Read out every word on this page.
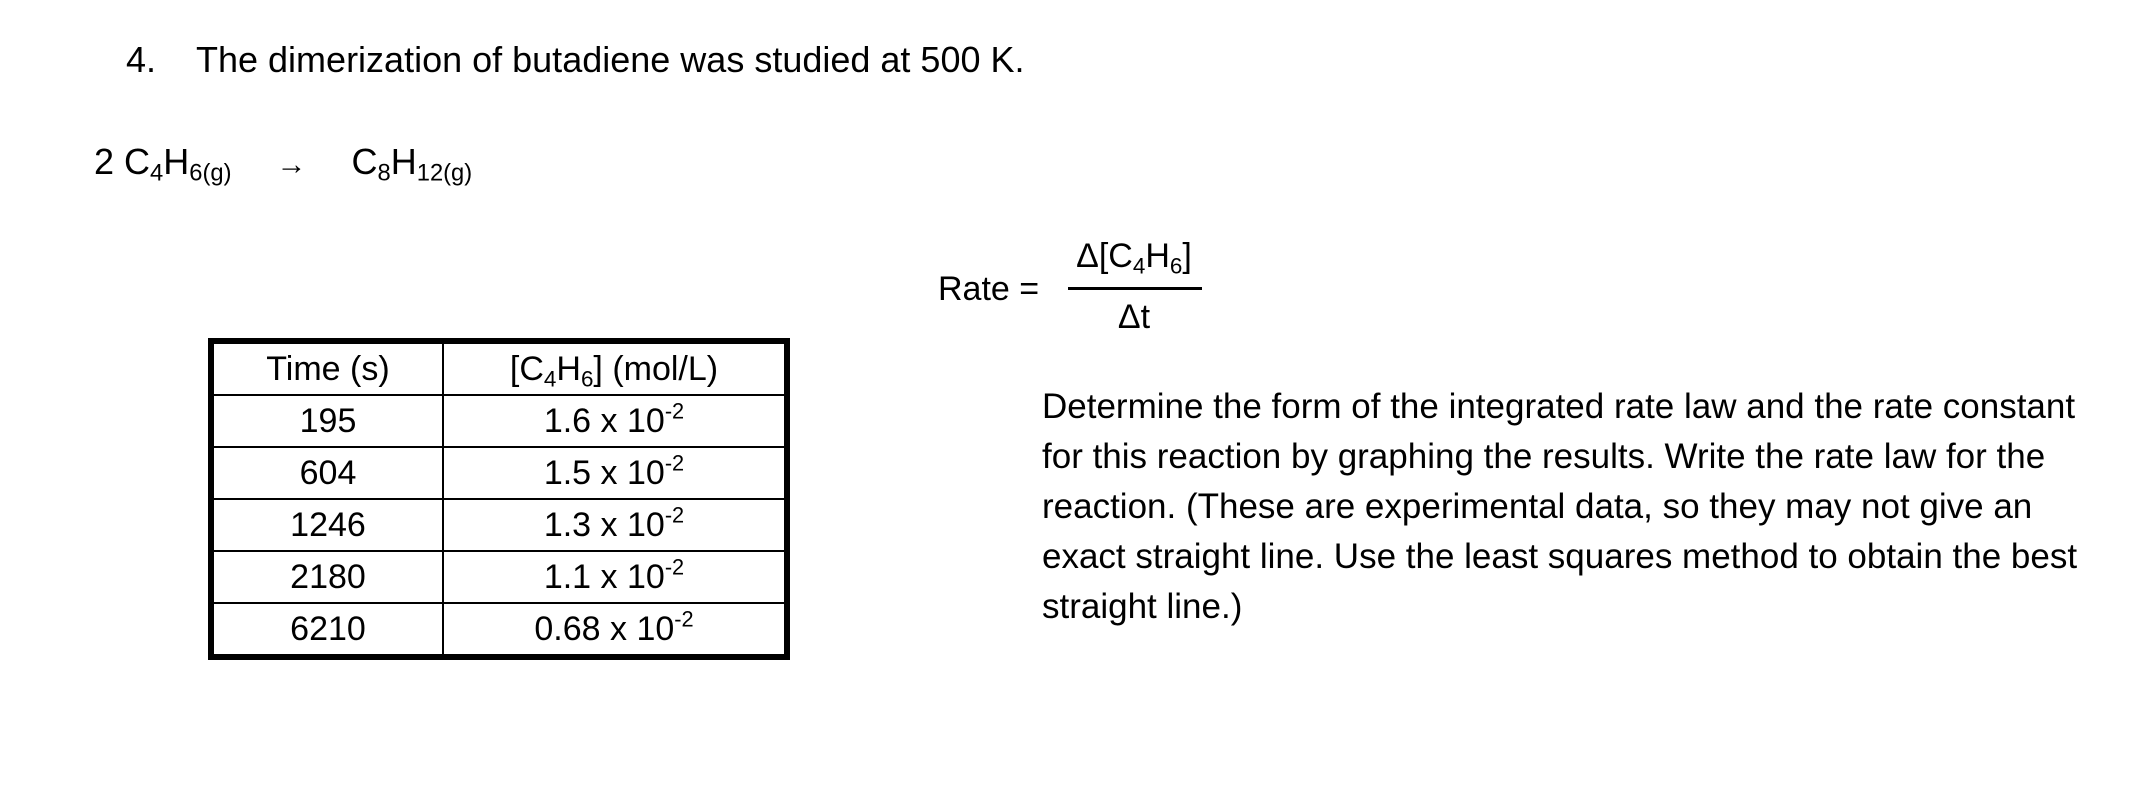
4. The dimerization of butadiene was studied at 500 K.
2 $C_4H_{6(g)} \to C_8H_{12(g)}$
Rate =
$\Delta[C_4H_6]$
Δt
Time (s)	$[C_4H_6]$ (mol/L)
195	1.6 x $10^{-2}$
604	1.5 x $10^{-2}$
1246	1.3 x $10^{-2}$
2180	1.1 x $10^{-2}$
6210	0.68 x $10^{-2}$
Determine the form of the integrated rate law and the rate constant for this reaction by graphing the results. Write the rate law for the reaction. (These are experimental data, so they may not give an exact straight line. Use the least squares method to obtain the best straight line.)
